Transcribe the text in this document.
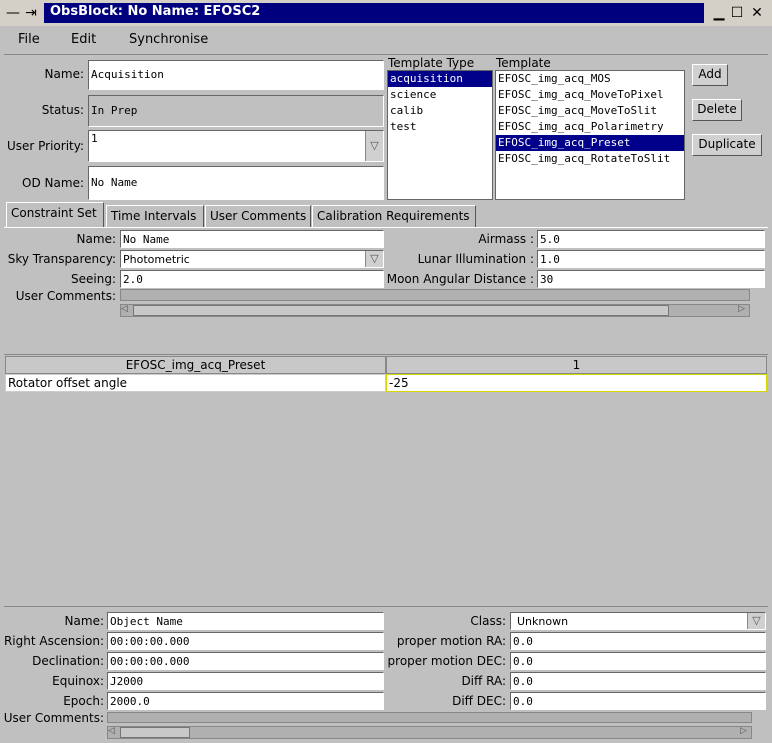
— ⇥ ObsBlock: No Name: EFOSC2	▁ ☐ ✕
File Edit	Synchronise
Name: Acquisition
Status: In Prep
User Priority:
1
▽
OD Name: No Name
Template Type
acquisition
science
calib
test
Template
EFOSC_img_acq_MOS
EFOSC_img_acq_MoveToPixel
EFOSC_img_acq_MoveToSlit
EFOSC_img_acq_Polarimetry
EFOSC_img_acq_Preset
EFOSC_img_acq_RotateToSlit
Add
Delete
Duplicate
Constraint Set	Time Intervals	User Comments Calibration Requirements
Name: No Name
Sky Transparency: Photometric	▽
Seeing: 2.0
User Comments:
◁	▷
Airmass : 5.0
Lunar Illumination : 1.0
Moon Angular Distance : 30
EFOSC_img_acq_Preset	1
Rotator offset angle	-25
Name: Object Name
Right Ascension: 00:00:00.000
Declination: 00:00:00.000
Equinox: J2000
Epoch: 2000.0
User Comments:
◁	▷
Class:	Unknown	▽
proper motion RA: 0.0
proper motion DEC: 0.0
Diff RA: 0.0
Diff DEC: 0.0
